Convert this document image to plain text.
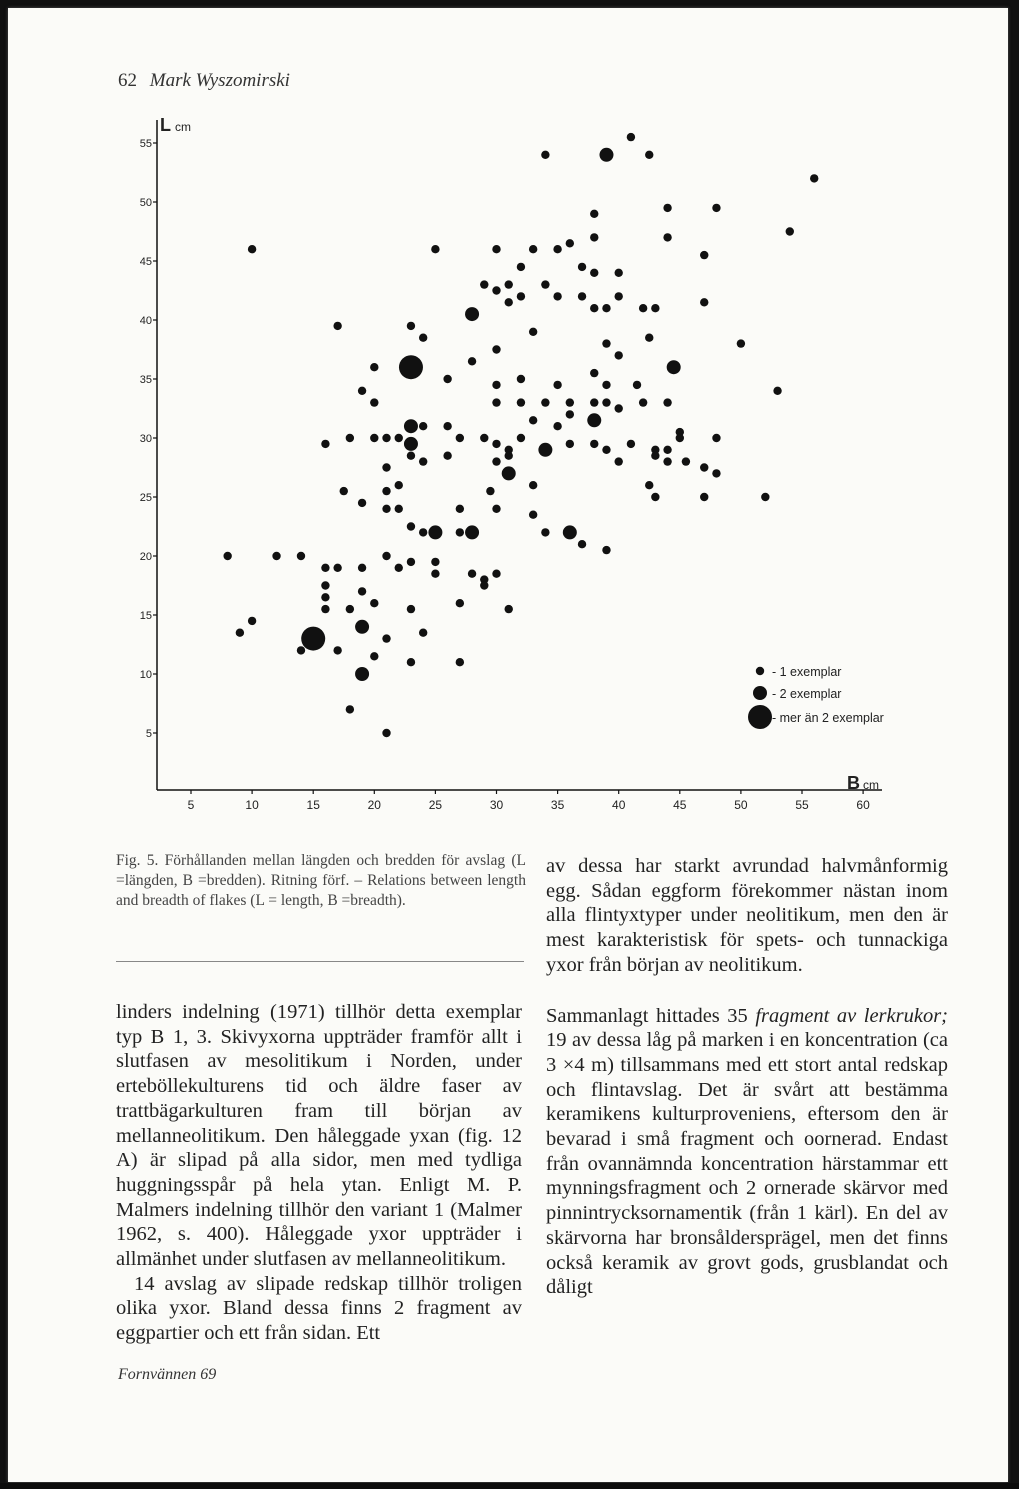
62 Mark Wyszomirski
Fig. 5. Förhållanden mellan längden och bredden för avslag (L =längden, B =bredden). Ritning förf. – Relations between length and breadth of flakes (L = length, B =breadth).

linders indelning (1971) tillhör detta exemplar typ B 1, 3. Skivyxorna uppträder framför allt i slutfasen av mesolitikum i Norden, under erteböllekulturens tid och äldre faser av trattbägarkulturen fram till början av mellanneolitikum. Den håleggade yxan (fig. 12 A) är slipad på alla sidor, men med tydliga huggningsspår på hela ytan. Enligt M. P. Malmers indelning tillhör den variant 1 (Malmer 1962, s. 400). Håleggade yxor uppträder i allmänhet under slutfasen av mellanneolitikum.

14 avslag av slipade redskap tillhör troligen olika yxor. Bland dessa finns 2 fragment av eggpartier och ett från sidan. Ett

av dessa har starkt avrundad halvmånformig egg. Sådan eggform förekommer nästan inom alla flintyxtyper under neolitikum, men den är mest karakteristisk för spets- och tunnackiga yxor från början av neolitikum.

Sammanlagt hittades 35 fragment av lerkrukor; 19 av dessa låg på marken i en koncentration (ca 3 ×4 m) tillsammans med ett stort antal redskap och flintavslag. Det är svårt att bestämma keramikens kulturproveniens, eftersom den är bevarad i små fragment och oornerad. Endast från ovannämnda koncentration härstammar ett mynningsfragment och 2 ornerade skärvor med pinnintrycksornamentik (från 1 kärl). En del av skärvorna har bronsåldersprägel, men det finns också keramik av grovt gods, grusblandat och dåligt

Fornvännen 69
5
10
15
20
25
30
35
40
45
50
55
5	10	15	20	25	30	35	40	45	50	55	60
Lcm
Bcm
- 1 exemplar
- 2 exemplar
- mer än 2 exemplar
